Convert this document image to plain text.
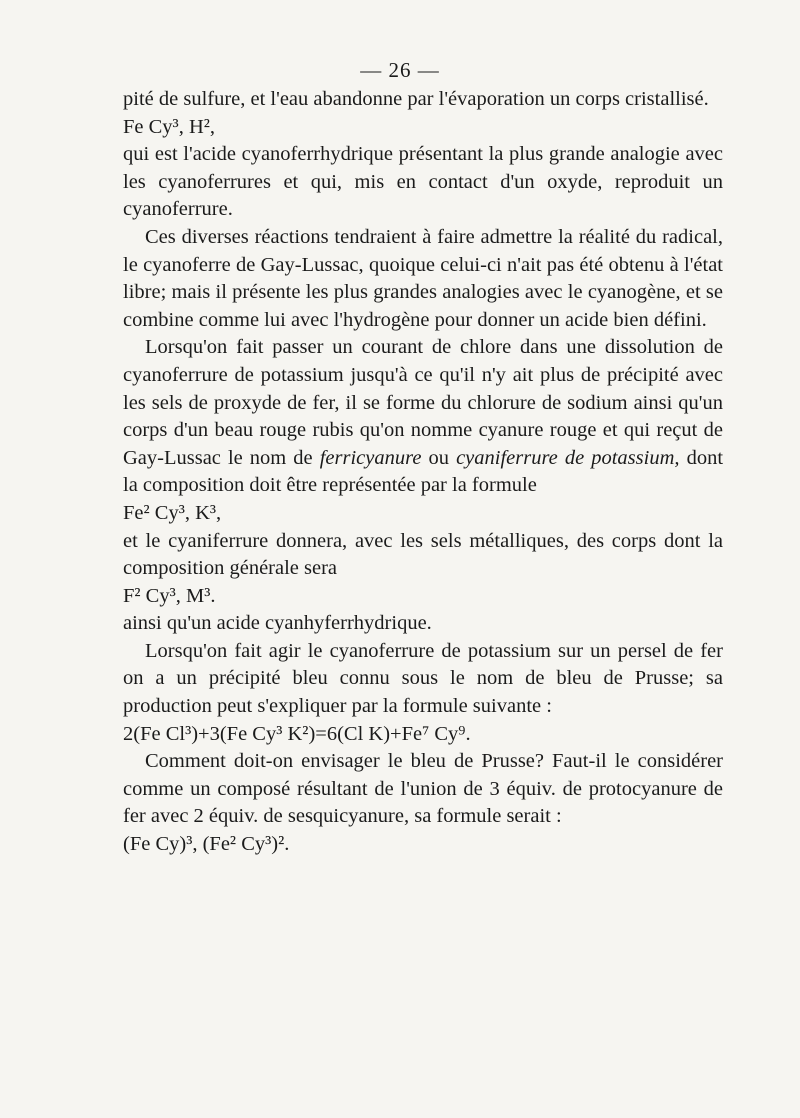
— 26 —

pité de sulfure, et l'eau abandonne par l'évaporation un corps cristallisé.

Fe Cy³, H²,

qui est l'acide cyanoferrhydrique présentant la plus grande analogie avec les cyanoferrures et qui, mis en contact d'un oxyde, reproduit un cyanoferrure.

Ces diverses réactions tendraient à faire admettre la réalité du radical, le cyanoferre de Gay-Lussac, quoique celui-ci n'ait pas été obtenu à l'état libre; mais il présente les plus grandes analogies avec le cyanogène, et se combine comme lui avec l'hydrogène pour donner un acide bien défini.

Lorsqu'on fait passer un courant de chlore dans une dissolution de cyanoferrure de potassium jusqu'à ce qu'il n'y ait plus de précipité avec les sels de proxyde de fer, il se forme du chlorure de sodium ainsi qu'un corps d'un beau rouge rubis qu'on nomme cyanure rouge et qui reçut de Gay-Lussac le nom de ferricyanure ou cyaniferrure de potassium, dont la composition doit être représentée par la formule

Fe² Cy³, K³,

et le cyaniferrure donnera, avec les sels métalliques, des corps dont la composition générale sera

F² Cy³, M³.

ainsi qu'un acide cyanhyferrhydrique.

Lorsqu'on fait agir le cyanoferrure de potassium sur un persel de fer on a un précipité bleu connu sous le nom de bleu de Prusse; sa production peut s'expliquer par la formule suivante :

2(Fe Cl³)+3(Fe Cy³ K²)=6(Cl K)+Fe⁷ Cy⁹.

Comment doit-on envisager le bleu de Prusse? Faut-il le considérer comme un composé résultant de l'union de 3 équiv. de protocyanure de fer avec 2 équiv. de sesquicyanure, sa formule serait :

(Fe Cy)³, (Fe² Cy³)².
